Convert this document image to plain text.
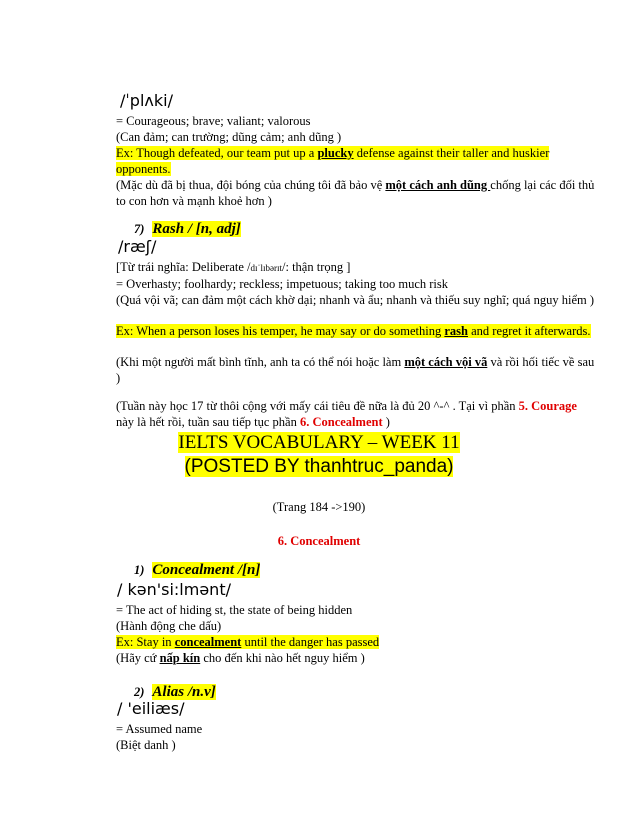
/ˈplʌki/
= Courageous; brave; valiant; valorous
(Can đảm; can trường; dũng cảm; anh dũng )
Ex: Though defeated, our team put up a plucky defense against their taller and huskier opponents.
(Mặc dù đã bị thua, đội bóng của chúng tôi đã bảo vệ một cách anh dũng chống lại các đối thủ to con hơn và mạnh khoẻ hơn )
7) Rash / [n, adj]
/ræʃ/
[Từ trái nghĩa: Deliberate /dɪˈlɪbərɪt/: thận trọng ]
= Overhasty; foolhardy; reckless; impetuous; taking too much risk
(Quá vội vã; can đảm một cách khờ dại; nhanh và ẩu; nhanh và thiếu suy nghĩ; quá nguy hiểm )
Ex: When a person loses his temper, he may say or do something rash and regret it afterwards.
(Khi một người mất bình tĩnh, anh ta có thể nói hoặc làm một cách vội vã và rồi hối tiếc về sau )
(Tuần này học 17 từ thôi cộng với mấy cái tiêu đề nữa là đủ 20 ^-^ . Tại vì phần 5. Courage này là hết rồi, tuần sau tiếp tục phần 6. Concealment )
IELTS VOCABULARY – WEEK 11
(POSTED BY thanhtruc_panda)
(Trang 184 ->190)
6. Concealment
1) Concealment /[n]
/ kən'si:lmənt/
= The act of hiding st, the state of being hidden
(Hành động che dấu)
Ex: Stay in concealment until the danger has passed
(Hãy cứ nấp kín cho đến khi nào hết nguy hiểm )
2) Alias /n.v]
/ 'eiliæs/
= Assumed name
(Biệt danh )
